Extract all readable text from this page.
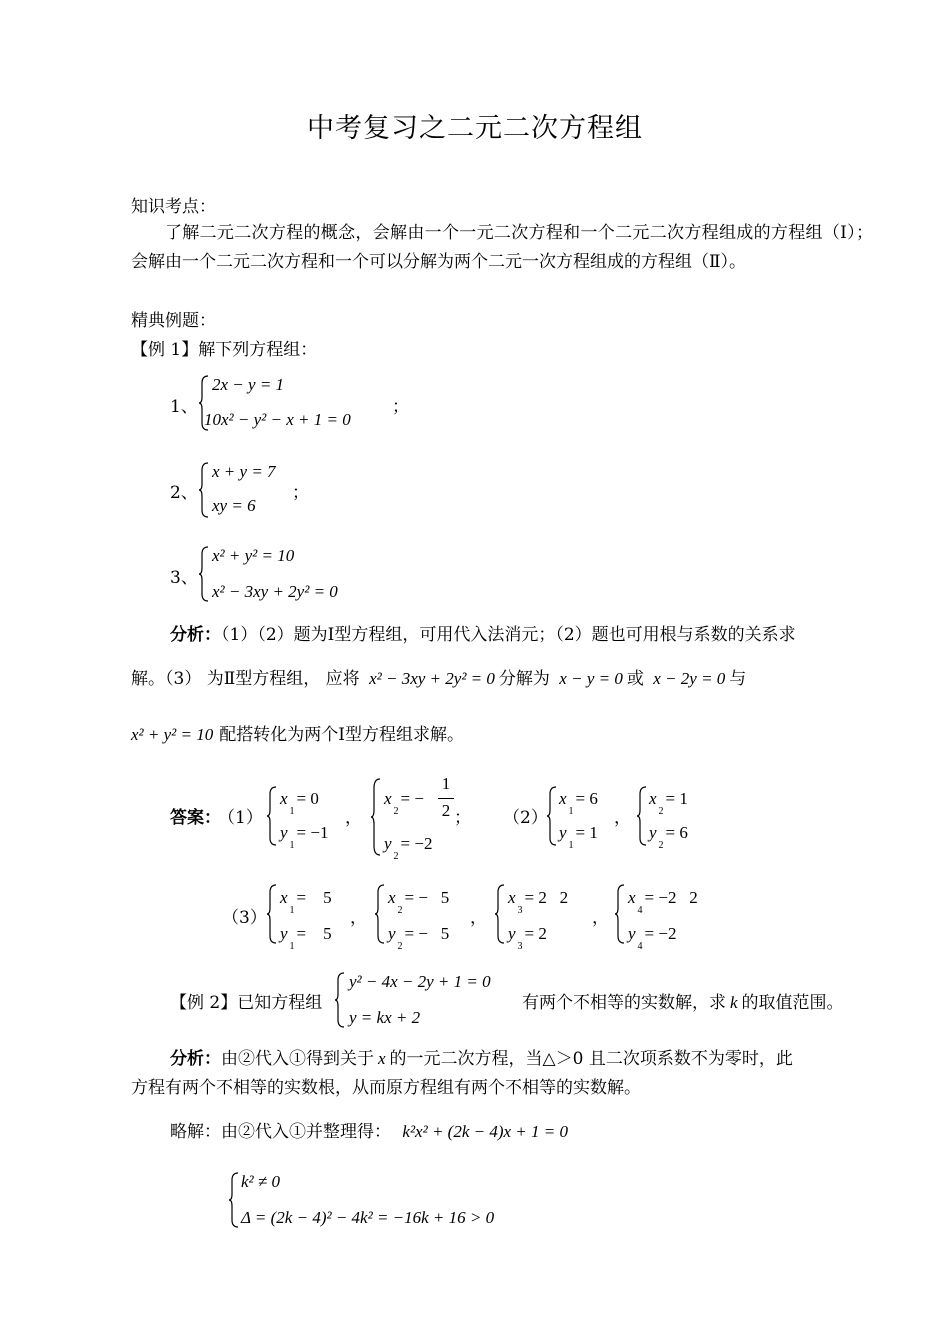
中考复习之二元二次方程组
知识考点：
了解二元二次方程的概念，会解由一个一元二次方程和一个二元二次方程组成的方程组（Ⅰ）；会解由一个二元二次方程和一个可以分解为两个二元一次方程组成的方程组（Ⅱ）。
精典例题：
【例 1】解下列方程组：
1、
2x − y = 1
10x² − y² − x + 1 = 0
；
2、
x + y = 7
xy = 6
；
3、
x² + y² = 10
x² − 3xy + 2y² = 0
分析：（1）（2）题为Ⅰ型方程组，可用代入法消元；（2）题也可用根与系数的关系求
解。（3） 为Ⅱ型方程组， 应将 x² − 3xy + 2y² = 0 分解为 x − y = 0 或 x − 2y = 0 与
x² + y² = 10 配搭转化为两个Ⅰ型方程组求解。
答案：
（1）
$x_1= 0$
$y_1= -1$
，
$x_2=$ −
1
2 ；
$y_2= -2$
（2）
$x_1= 6$
$y_1= 1$
，
$x_2= 1$
$y_2= 6$
（3）
$x_1=$    5
$y_1=$    5
，
$x_2= - 5$
$y_2= - 5$
，
$x_3= 2$   2
$y_3= 2$
，
$x_4= -2$   2
$y_4= -2$
【例 2】已知方程组
y² − 4x − 2y + 1 = 0
y = kx + 2
有两个不相等的实数解，求 k 的取值范围。
分析：由②代入①得到关于 x 的一元二次方程，当△＞0 且二次项系数不为零时，此
方程有两个不相等的实数根，从而原方程组有两个不相等的实数解。
略解：由②代入①并整理得： k²x² + (2k − 4)x + 1 = 0
k² ≠ 0
Δ = (2k − 4)² − 4k² = −16k + 16 > 0
